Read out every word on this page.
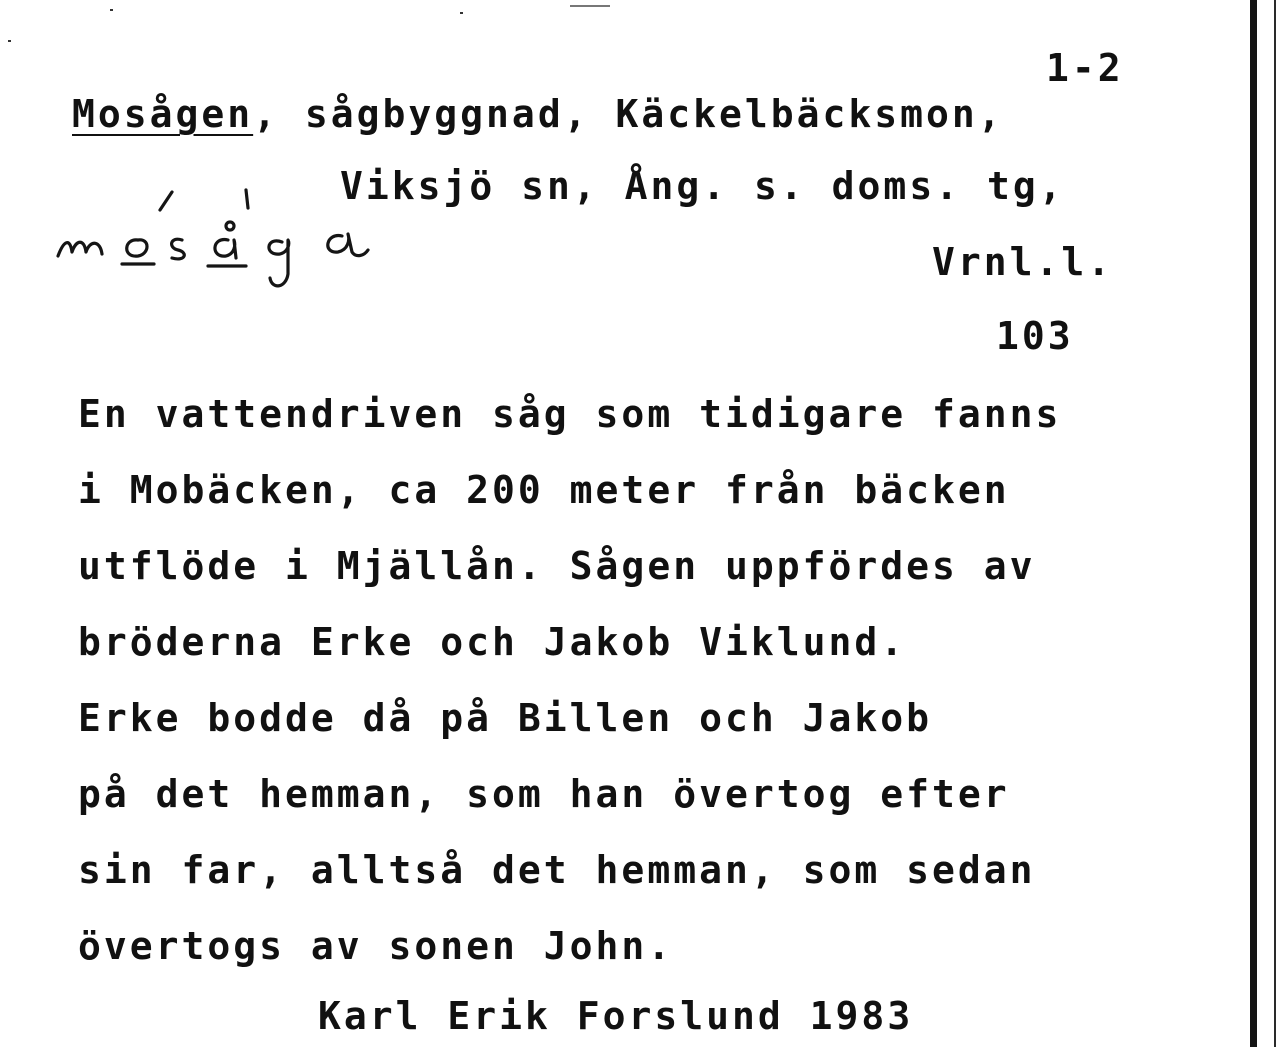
1-2
Mosågen, sågbyggnad, Käckelbäcksmon,
Viksjö sn, Ång. s. doms. tg,
Vrnl.l.
103
En vattendriven såg som tidigare fanns
i Mobäcken, ca 200 meter från bäcken
utflöde i Mjällån. Sågen uppfördes av
bröderna Erke och Jakob Viklund.
Erke bodde då på Billen och Jakob
på det hemman, som han övertog efter
sin far, alltså det hemman, som sedan
övertogs av sonen John.
Karl Erik Forslund 1983
